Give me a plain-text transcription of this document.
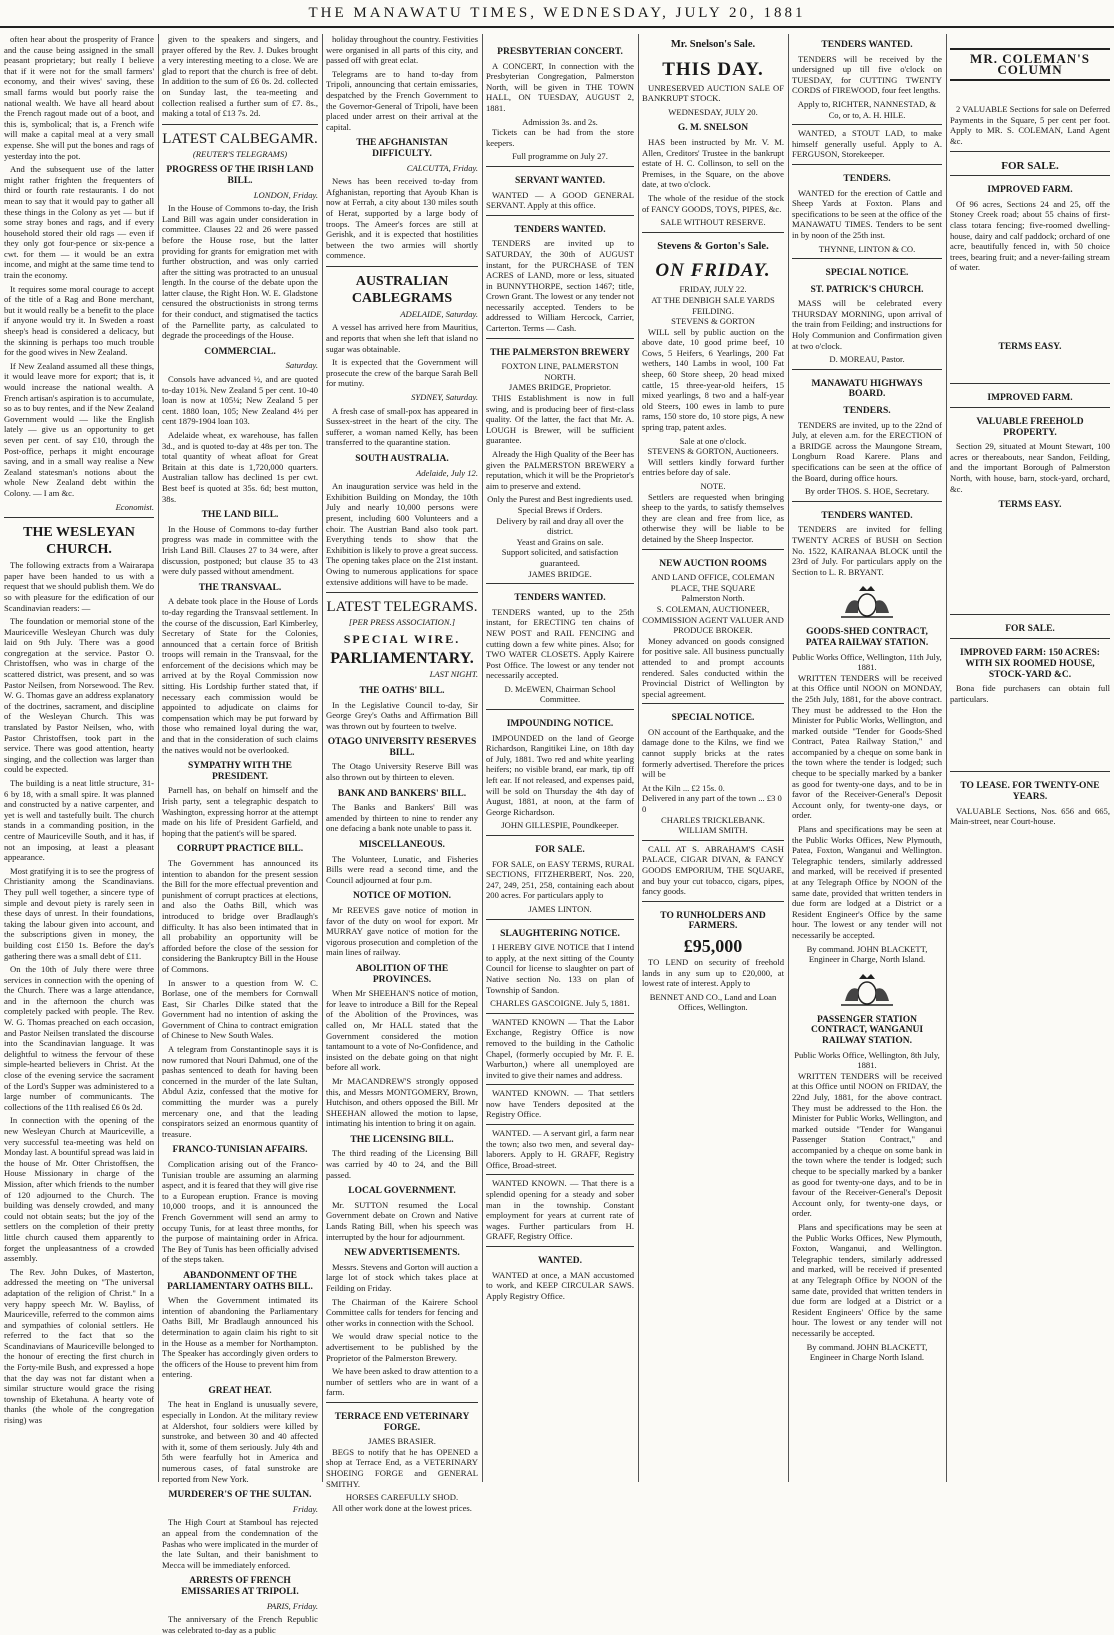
THE MANAWATU TIMES, WEDNESDAY, JULY 20, 1881

often hear about the prosperity of France and the cause being assigned in the small peasant proprietary; but really I believe that if it were not for the small farmers' economy, and their wives' saving, these small farms would but poorly raise the national wealth. We have all heard about the French ragout made out of a boot, and this is, symbolical; that is, a French wife will make a capital meal at a very small expense. She will put the bones and rags of yesterday into the pot.

And the subsequent use of the latter might rather frighten the frequenters of third or fourth rate restaurants. I do not mean to say that it would pay to gather all these things in the Colony as yet — but if some stray bones and rags, and if every household stored their old rags — even if they only got four-pence or six-pence a cwt. for them — it would be an extra income, and might at the same time tend to train the economy.

It requires some moral courage to accept of the title of a Rag and Bone merchant, but it would really be a benefit to the place if anyone would try it. In Sweden a roast sheep's head is considered a delicacy, but the skinning is perhaps too much trouble for the good wives in New Zealand.

If New Zealand assumed all these things, it would leave more for export; that is, it would increase the national wealth. A French artisan's aspiration is to accumulate, so as to buy rentes, and if the New Zealand Government would — like the English lately — give us an opportunity to get seven per cent. of say £10, through the Post-office, perhaps it might encourage saving, and in a small way realise a New Zealand statesman's notions about the whole New Zealand debt within the Colony. — I am &c.

Economist.

THE WESLEYAN CHURCH.

The following extracts from a Wairarapa paper have been handed to us with a request that we should publish them. We do so with pleasure for the edification of our Scandinavian readers: —

The foundation or memorial stone of the Mauriceville Wesleyan Church was duly laid on 9th July. There was a good congregation at the service. Pastor O. Christoffsen, who was in charge of the scattered district, was present, and so was Pastor Neilsen, from Norsewood. The Rev. W. G. Thomas gave an address explanatory of the doctrines, sacrament, and discipline of the Wesleyan Church. This was translated by Pastor Neilsen, who, with Pastor Christoffsen, took part in the service. There was good attention, hearty singing, and the collection was larger than could be expected.

The building is a neat little structure, 31-6 by 18, with a small spire. It was planned and constructed by a native carpenter, and yet is well and tastefully built. The church stands in a commanding position, in the centre of Mauriceville South, and it has, if not an imposing, at least a pleasant appearance.

Most gratifying it is to see the progress of Christianity among the Scandinavians. They pull well together, a sincere type of simple and devout piety is rarely seen in these days of unrest. In their foundations, taking the labour given into account, and the subscriptions given in money, the building cost £150 1s. Before the day's gathering there was a small debt of £11.

On the 10th of July there were three services in connection with the opening of the Church. There was a large attendance, and in the afternoon the church was completely packed with people. The Rev. W. G. Thomas preached on each occasion, and Pastor Neilsen translated the discourse into the Scandinavian language. It was delightful to witness the fervour of these simple-hearted believers in Christ. At the close of the evening service the sacrament of the Lord's Supper was administered to a large number of communicants. The collections of the 11th realised £6 0s 2d.

In connection with the opening of the new Wesleyan Church at Mauriceville, a very successful tea-meeting was held on Monday last. A bountiful spread was laid in the house of Mr. Otter Christoffsen, the House Missionary in charge of the Mission, after which friends to the number of 120 adjourned to the Church. The building was densely crowded, and many could not obtain seats; but the joy of the settlers on the completion of their pretty little church caused them apparently to forget the unpleasantness of a crowded assembly.

The Rev. John Dukes, of Masterton, addressed the meeting on "The universal adaptation of the religion of Christ." In a very happy speech Mr. W. Bayliss, of Mauriceville, referred to the common aims and sympathies of colonial settlers. He referred to the fact that so the Scandinavians of Mauriceville belonged to the honour of erecting the first church in the Forty-mile Bush, and expressed a hope that the day was not far distant when a similar structure would grace the rising township of Eketahuna. A hearty vote of thanks (the whole of the congregation rising) was

given to the speakers and singers, and prayer offered by the Rev. J. Dukes brought a very interesting meeting to a close. We are glad to report that the church is free of debt. In addition to the sum of £6 0s. 2d. collected on Sunday last, the tea-meeting and collection realised a further sum of £7. 8s., making a total of £13 7s. 2d.

LATEST CALBEGAMR.
(REUTER'S TELEGRAMS)
PROGRESS OF THE IRISH LAND BILL.
LONDON, Friday.

In the House of Commons to-day, the Irish Land Bill was again under consideration in committee. Clauses 22 and 26 were passed before the House rose, but the latter providing for grants for emigration met with further obstruction, and was only carried after the sitting was protracted to an unusual length. In the course of the debate upon the latter clause, the Right Hon. W. E. Gladstone censured the obstructionists in strong terms for their conduct, and stigmatised the tactics of the Parnellite party, as calculated to degrade the proceedings of the House.

COMMERCIAL.
Saturday.

Consols have advanced ½, and are quoted to-day 101⅝. New Zealand 5 per cent. 10-40 loan is now at 105¼; New Zealand 5 per cent. 1880 loan, 105; New Zealand 4½ per cent 1879-1904 loan 103.

Adelaide wheat, ex warehouse, has fallen 3d., and is quoted to-day at 48s per ton. The total quantity of wheat afloat for Great Britain at this date is 1,720,000 quarters. Australian tallow has declined 1s per cwt. Best beef is quoted at 35s. 6d; best mutton, 38s.

THE LAND BILL.

In the House of Commons to-day further progress was made in committee with the Irish Land Bill. Clauses 27 to 34 were, after discussion, postponed; but clause 35 to 43 were duly passed without amendment.

THE TRANSVAAL.

A debate took place in the House of Lords to-day regarding the Transvaal settlement. In the course of the discussion, Earl Kimberley, Secretary of State for the Colonies, announced that a certain force of British troops will remain in the Transvaal, for the enforcement of the decisions which may be arrived at by the Royal Commission now sitting. His Lordship further stated that, if necessary each commission would be appointed to adjudicate on claims for compensation which may be put forward by those who remained loyal during the war, and that in the consideration of such claims the natives would not be overlooked.

SYMPATHY WITH THE PRESIDENT.

Parnell has, on behalf on himself and the Irish party, sent a telegraphic despatch to Washington, expressing horror at the attempt made on his life of President Garfield, and hoping that the patient's will be spared.

CORRUPT PRACTICE BILL.

The Government has announced its intention to abandon for the present session the Bill for the more effectual prevention and punishment of corrupt practices at elections, and also the Oaths Bill, which was introduced to bridge over Bradlaugh's difficulty. It has also been intimated that in all probability an opportunity will be afforded before the close of the session for considering the Bankruptcy Bill in the House of Commons.

In answer to a question from W. C. Borlase, one of the members for Cornwall East, Sir Charles Dilke stated that the Government had no intention of asking the Government of China to contract emigration of Chinese to New South Wales.

A telegram from Constantinople says it is now rumored that Nouri Dahmud, one of the pashas sentenced to death for having been concerned in the murder of the late Sultan, Abdul Aziz, confessed that the motive for committing the murder was a purely mercenary one, and that the leading conspirators seized an enormous quantity of treasure.

FRANCO-TUNISIAN AFFAIRS.

Complication arising out of the Franco-Tunisian trouble are assuming an alarming aspect, and it is feared that they will give rise to a European eruption. France is moving 10,000 troops, and it is announced the French Government will send an army to occupy Tunis, for at least three months, for the purpose of maintaining order in Africa. The Bey of Tunis has been officially advised of the steps taken.

ABANDONMENT OF THE PARLIAMENTARY OATHS BILL.

When the Government intimated its intention of abandoning the Parliamentary Oaths Bill, Mr Bradlaugh announced his determination to again claim his right to sit in the House as a member for Northampton. The Speaker has accordingly given orders to the officers of the House to prevent him from entering.

GREAT HEAT.

The heat in England is unusually severe, especially in London. At the military review at Aldershot, four soldiers were killed by sunstroke, and between 30 and 40 affected with it, some of them seriously. July 4th and 5th were fearfully hot in America and numerous cases, of fatal sunstroke are reported from New York.

MURDERER'S OF THE SULTAN.
Friday.

The High Court at Stamboul has rejected an appeal from the condemnation of the Pashas who were implicated in the murder of the late Sultan, and their banishment to Mecca will be immediately enforced.

ARRESTS OF FRENCH EMISSARIES AT TRIPOLI.
PARIS, Friday.

The anniversary of the French Republic was celebrated to-day as a public

holiday throughout the country. Festivities were organised in all parts of this city, and passed off with great eclat.

Telegrams are to hand to-day from Tripoli, announcing that certain emissaries, despatched by the French Government to the Governor-General of Tripoli, have been placed under arrest on their arrival at the capital.

THE AFGHANISTAN DIFFICULTY.
CALCUTTA, Friday.

News has been received to-day from Afghanistan, reporting that Ayoub Khan is now at Ferrah, a city about 130 miles south of Herat, supported by a large body of troops. The Ameer's forces are still at Gerishk, and it is expected that hostilities between the two armies will shortly commence.

AUSTRALIAN CABLEGRAMS
ADELAIDE, Saturday.

A vessel has arrived here from Mauritius, and reports that when she left that island no sugar was obtainable.

It is expected that the Government will prosecute the crew of the barque Sarah Bell for mutiny.

SYDNEY, Saturday.

A fresh case of small-pox has appeared in Sussex-street in the heart of the city. The sufferer, a woman named Kelly, has been transferred to the quarantine station.

SOUTH AUSTRALIA.
Adelaide, July 12.

An inauguration service was held in the Exhibition Building on Monday, the 10th July and nearly 10,000 persons were present, including 600 Volunteers and a choir. The Austrian Band also took part. Everything tends to show that the Exhibition is likely to prove a great success. The opening takes place on the 21st instant. Owing to numerous applications for space extensive additions will have to be made.

LATEST TELEGRAMS.
[PER PRESS ASSOCIATION.]
SPECIAL WIRE.
PARLIAMENTARY.
LAST NIGHT.
THE OATHS' BILL.

In the Legislative Council to-day, Sir George Grey's Oaths and Affirmation Bill was thrown out by fourteen to twelve.

OTAGO UNIVERSITY RESERVES BILL.

The Otago University Reserve Bill was also thrown out by thirteen to eleven.

BANK AND BANKERS' BILL.

The Banks and Bankers' Bill was amended by thirteen to nine to render any one defacing a bank note unable to pass it.

MISCELLANEOUS.

The Volunteer, Lunatic, and Fisheries Bills were read a second time, and the Council adjourned at four p.m.

NOTICE OF MOTION.

Mr REEVES gave notice of motion in favor of the duty on wool for export. Mr MURRAY gave notice of motion for the vigorous prosecution and completion of the main lines of railway.

ABOLITION OF THE PROVINCES.

When Mr SHEEHAN'S notice of motion, for leave to introduce a Bill for the Repeal of the Abolition of the Provinces, was called on, Mr HALL stated that the Government considered the motion tantamount to a vote of No-Confidence, and insisted on the debate going on that night before all work.

Mr MACANDREW'S strongly opposed this, and Messrs MONTGOMERY, Brown, Hutchison, and others opposed the Bill. Mr SHEEHAN allowed the motion to lapse, intimating his intention to bring it on again.

THE LICENSING BILL.

The third reading of the Licensing Bill was carried by 40 to 24, and the Bill passed.

LOCAL GOVERNMENT.

Mr. SUTTON resumed the Local Government debate on Crown and Native Lands Rating Bill, when his speech was interrupted by the hour for adjournment.

NEW ADVERTISEMENTS.

Messrs. Stevens and Gorton will auction a large lot of stock which takes place at Feilding on Friday.

The Chairman of the Kairere School Committee calls for tenders for fencing and other works in connection with the School.

We would draw special notice to the advertisement to be published by the Proprietor of the Palmerston Brewery.

We have been asked to draw attention to a number of settlers who are in want of a farm.

TERRACE END VETERINARY FORGE.
JAMES BRASIER.

BEGS to notify that he has OPENED a shop at Terrace End, as a VETERINARY SHOEING FORGE and GENERAL SMITHY.

HORSES CAREFULLY SHOD.
All other work done at the lowest prices.
PRESBYTERIAN CONCERT.

A CONCERT, In connection with the Presbyterian Congregation, Palmerston North, will be given in THE TOWN HALL, ON TUESDAY, AUGUST 2, 1881.

Admission 3s. and 2s.

Tickets can be had from the store keepers.

Full programme on July 27.
SERVANT WANTED.

WANTED — A GOOD GENERAL SERVANT. Apply at this office.

TENDERS WANTED.

TENDERS are invited up to SATURDAY, the 30th of AUGUST instant, for the PURCHASE of TEN ACRES of LAND, more or less, situated in BUNNYTHORPE, section 1467; title, Crown Grant. The lowest or any tender not necessarily accepted. Tenders to be addressed to William Hercock, Carrier, Carterton. Terms — Cash.

THE PALMERSTON BREWERY
FOXTON LINE, PALMERSTON NORTH.
JAMES BRIDGE, Proprietor.

THIS Establishment is now in full swing, and is producing beer of first-class quality. Of the latter, the fact that Mr. A. LOUGH is Brewer, will be sufficient guarantee.

Already the High Quality of the Beer has given the PALMERSTON BREWERY a reputation, which it will be the Proprietor's aim to preserve and extend.

Only the Purest and Best ingredients used.
Special Brews if Orders.
Delivery by rail and dray all over the district.
Yeast and Grains on sale.
Support solicited, and satisfaction guaranteed.
JAMES BRIDGE.
TENDERS WANTED.

TENDERS wanted, up to the 25th instant, for ERECTING ten chains of NEW POST and RAIL FENCING and cutting down a few white pines. Also; for TWO WATER CLOSETS. Apply Kairere Post Office. The lowest or any tender not necessarily accepted.

D. McEWEN, Chairman School Committee.
IMPOUNDING NOTICE.

IMPOUNDED on the land of George Richardson, Rangitikei Line, on 18th day of July, 1881. Two red and white yearling heifers; no visible brand, ear mark, tip off left ear. If not released, and expenses paid, will be sold on Thursday the 4th day of August, 1881, at noon, at the farm of George Richardson.

JOHN GILLESPIE, Poundkeeper.
FOR SALE.

FOR SALE, on EASY TERMS, RURAL SECTIONS, FITZHERBERT, Nos. 220, 247, 249, 251, 258, containing each about 200 acres. For particulars apply to

JAMES LINTON.
SLAUGHTERING NOTICE.

I HEREBY GIVE NOTICE that I intend to apply, at the next sitting of the County Council for license to slaughter on part of Native section No. 133 on plan of Township of Sandon.

CHARLES GASCOIGNE. July 5, 1881.

WANTED KNOWN — That the Labor Exchange, Registry Office is now removed to the building in the Catholic Chapel, (formerly occupied by Mr. F. E. Warburton,) where all unemployed are invited to give their names and address.

WANTED KNOWN. — That settlers now have Tenders deposited at the Registry Office.

WANTED. — A servant girl, a farm near the town; also two men, and several day-laborers. Apply to H. GRAFF, Registry Office, Broad-street.

WANTED KNOWN. — That there is a splendid opening for a steady and sober man in the township. Constant employment for years at current rate of wages. Further particulars from H. GRAFF, Registry Office.

WANTED.

WANTED at once, a MAN accustomed to work, and KEEP CIRCULAR SAWS. Apply Registry Office.

Mr. Snelson's Sale.
THIS DAY.

UNRESERVED AUCTION SALE OF BANKRUPT STOCK.

WEDNESDAY, JULY 20.
G. M. SNELSON

HAS been instructed by Mr. V. M. Allen, Creditors' Trustee in the bankrupt estate of H. C. Collinson, to sell on the Premises, in the Square, on the above date, at two o'clock.

The whole of the residue of the stock of FANCY GOODS, TOYS, PIPES, &c.

SALE WITHOUT RESERVE.
Stevens & Gorton's Sale.
ON FRIDAY.
FRIDAY, JULY 22.
AT THE DENBIGH SALE YARDS FEILDING.
STEVENS & GORTON

WILL sell by public auction on the above date, 10 good prime beef, 10 Cows, 5 Heifers, 6 Yearlings, 200 Fat wethers, 140 Lambs in wool, 100 Fat sheep, 60 Store sheep, 20 head mixed cattle, 15 three-year-old heifers, 15 mixed yearlings, 8 two and a half-year old Steers, 100 ewes in lamb to pure rams, 150 store do, 10 store pigs, A new spring trap, patent axles.

Sale at one o'clock.
STEVENS & GORTON, Auctioneers.

Will settlers kindly forward further entries before day of sale.

NOTE.

Settlers are requested when bringing sheep to the yards, to satisfy themselves they are clean and free from lice, as otherwise they will be liable to be detained by the Sheep Inspector.

NEW AUCTION ROOMS
AND LAND OFFICE, COLEMAN PLACE, THE SQUARE
Palmerston North.
S. COLEMAN, AUCTIONEER, COMMISSION AGENT VALUER AND PRODUCE BROKER.

Money advanced on goods consigned for positive sale. All business punctually attended to and prompt accounts rendered. Sales conducted within the Provincial District of Wellington by special agreement.

SPECIAL NOTICE.

ON account of the Earthquake, and the damage done to the Kilns, we find we cannot supply bricks at the rates formerly advertised. Therefore the prices will be

At the Kiln ... £2 15s. 0.
Delivered in any part of the town ... £3 0 0
CHARLES TRICKLEBANK. WILLIAM SMITH.

CALL AT S. ABRAHAM'S CASH PALACE, CIGAR DIVAN, & FANCY GOODS EMPORIUM, THE SQUARE, and buy your cut tobacco, cigars, pipes, fancy goods.

TO RUNHOLDERS AND FARMERS.
£95,000

TO LEND on security of freehold lands in any sum up to £20,000, at lowest rate of interest. Apply to

BENNET AND CO., Land and Loan Offices, Wellington.
TENDERS WANTED.

TENDERS will be received by the undersigned up till five o'clock on TUESDAY, for CUTTING TWENTY CORDS of FIREWOOD, four feet lengths.

Apply to, RICHTER, NANNESTAD, & Co, or to, A. H. HILE.

WANTED, a STOUT LAD, to make himself generally useful. Apply to A. FERGUSON, Storekeeper.

TENDERS.

WANTED for the erection of Cattle and Sheep Yards at Foxton. Plans and specifications to be seen at the office of the MANAWATU TIMES. Tenders to be sent in by noon of the 25th inst.

THYNNE, LINTON & CO.
SPECIAL NOTICE.
ST. PATRICK'S CHURCH.

MASS will be celebrated every THURSDAY MORNING, upon arrival of the train from Feilding; and instructions for Holy Communion and Confirmation given at two o'clock.

D. MOREAU, Pastor.
MANAWATU HIGHWAYS BOARD.
TENDERS.

TENDERS are invited, up to the 22nd of July, at eleven a.m. for the ERECTION of a BRIDGE across the Maungone Stream, Longburn Road Karere. Plans and specifications can be seen at the office of the Board, during office hours.

By order THOS. S. HOE, Secretary.
TENDERS WANTED.

TENDERS are invited for felling TWENTY ACRES of BUSH on Section No. 1522, KAIRANAA BLOCK until the 23rd of July. For particulars apply on the Section to L. R. BRYANT.

GOODS-SHED CONTRACT, PATEA RAILWAY STATION.
Public Works Office, Wellington, 11th July, 1881.

WRITTEN TENDERS will be received at this Office until NOON on MONDAY, the 25th July, 1881, for the above contract. They must be addressed to the Hon the Minister for Public Works, Wellington, and marked outside "Tender for Goods-Shed Contract, Patea Railway Station," and accompanied by a cheque on some bank in the town where the tender is lodged; such cheque to be specially marked by a banker as good for twenty-one days, and to be in favor of the Receiver-General's Deposit Account only, for twenty-one days, or order.

Plans and specifications may be seen at the Public Works Offices, New Plymouth, Patea, Foxton, Wanganui and Wellington. Telegraphic tenders, similarly addressed and marked, will be received if presented at any Telegraph Office by NOON of the same date, provided that written tenders in due form are lodged at a District or a Resident Engineer's Office by the same hour. The lowest or any tender will not necessarily be accepted.

By command. JOHN BLACKETT, Engineer in Charge, North Island.
PASSENGER STATION CONTRACT, WANGANUI RAILWAY STATION.
Public Works Office, Wellington, 8th July, 1881.

WRITTEN TENDERS will be received at this Office until NOON on FRIDAY, the 22nd July, 1881, for the above contract. They must be addressed to the Hon. the Minister for Public Works, Wellington, and marked outside "Tender for Wanganui Passenger Station Contract," and accompanied by a cheque on some bank in the town where the tender is lodged; such cheque to be specially marked by a banker as good for twenty-one days, and to be in favour of the Receiver-General's Deposit Account only, for twenty-one days, or order.

Plans and specifications may be seen at the Public Works Offices, New Plymouth, Foxton, Wanganui, and Wellington. Telegraphic tenders, similarly addressed and marked, will be received if presented at any Telegraph Office by NOON of the same date, provided that written tenders in due form are lodged at a District or a Resident Engineers' Office by the same hour. The lowest or any tender will not necessarily be accepted.

By command. JOHN BLACKETT, Engineer in Charge North Island.
MR. COLEMAN'S COLUMN

2 VALUABLE Sections for sale on Deferred Payments in the Square, 5 per cent per foot. Apply to MR. S. COLEMAN, Land Agent &c.

FOR SALE.
IMPROVED FARM.

Of 96 acres, Sections 24 and 25, off the Stoney Creek road; about 55 chains of first-class totara fencing; five-roomed dwelling-house, dairy and calf paddock; orchard of one acre, beautifully fenced in, with 50 choice trees, bearing fruit; and a never-failing stream of water.

TERMS EASY.
IMPROVED FARM.
VALUABLE FREEHOLD PROPERTY.

Section 29, situated at Mount Stewart, 100 acres or thereabouts, near Sandon, Feilding, and the important Borough of Palmerston North, with house, barn, stock-yard, orchard, &c.

TERMS EASY.
FOR SALE.
IMPROVED FARM: 150 ACRES: WITH SIX ROOMED HOUSE, STOCK-YARD &C.

Bona fide purchasers can obtain full particulars.

TO LEASE. FOR TWENTY-ONE YEARS.

VALUABLE Sections, Nos. 656 and 665, Main-street, near Court-house.
